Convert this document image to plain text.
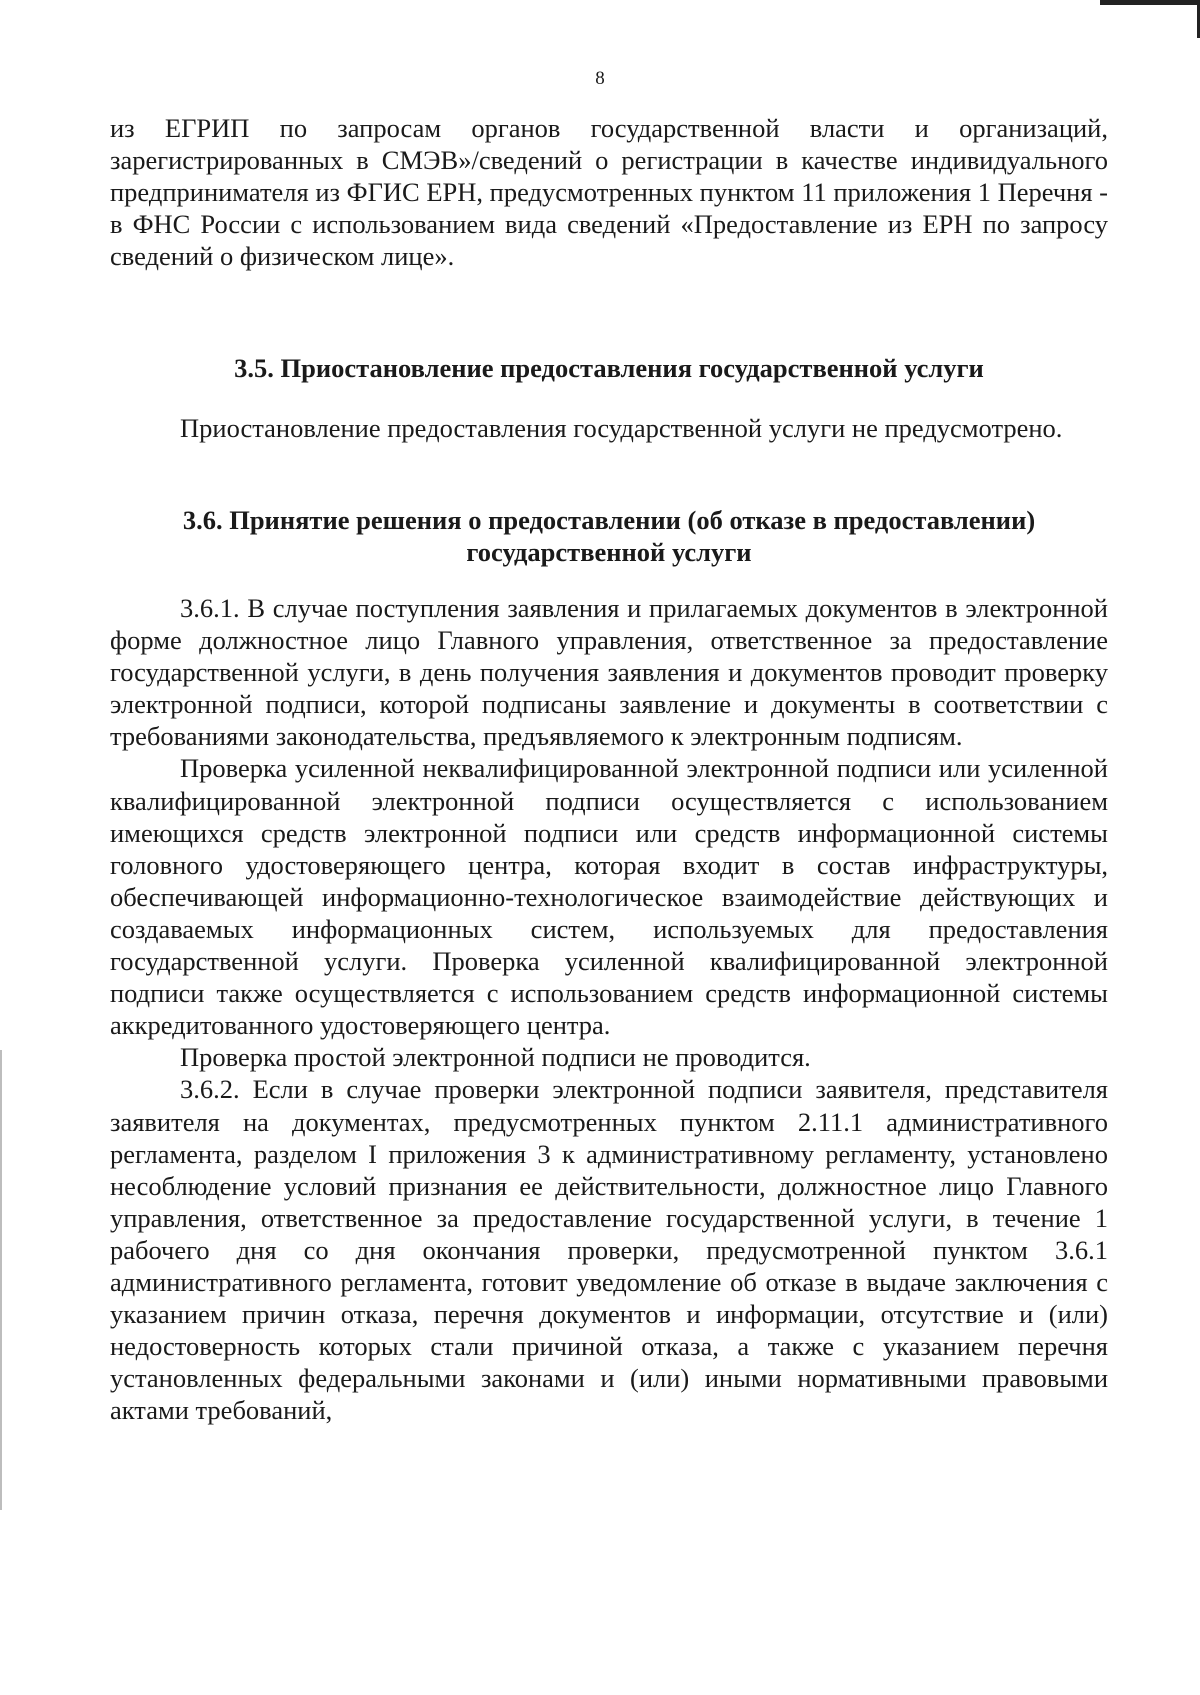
8

из ЕГРИП по запросам органов государственной власти и организаций, зарегистрированных в СМЭВ»/сведений о регистрации в качестве индивидуального предпринимателя из ФГИС ЕРН, предусмотренных пунктом 11 приложения 1 Перечня - в ФНС России с использованием вида сведений «Предоставление из ЕРН по запросу сведений о физическом лице».

3.5. Приостановление предоставления государственной услуги

Приостановление предоставления государственной услуги не предусмотрено.

3.6. Принятие решения о предоставлении (об отказе в предоставлении)
государственной услуги

3.6.1. В случае поступления заявления и прилагаемых документов в электронной форме должностное лицо Главного управления, ответственное за предоставление государственной услуги, в день получения заявления и документов проводит проверку электронной подписи, которой подписаны заявление и документы в соответствии с требованиями законодательства, предъявляемого к электронным подписям.

Проверка усиленной неквалифицированной электронной подписи или усиленной квалифицированной электронной подписи осуществляется с использованием имеющихся средств электронной подписи или средств информационной системы головного удостоверяющего центра, которая входит в состав инфраструктуры, обеспечивающей информационно-технологическое взаимодействие действующих и создаваемых информационных систем, используемых для предоставления государственной услуги. Проверка усиленной квалифицированной электронной подписи также осуществляется с использованием средств информационной системы аккредитованного удостоверяющего центра.

Проверка простой электронной подписи не проводится.

3.6.2. Если в случае проверки электронной подписи заявителя, представителя заявителя на документах, предусмотренных пунктом 2.11.1 административного регламента, разделом I приложения 3 к административному регламенту, установлено несоблюдение условий признания ее действительности, должностное лицо Главного управления, ответственное за предоставление государственной услуги, в течение 1 рабочего дня со дня окончания проверки, предусмотренной пунктом 3.6.1 административного регламента, готовит уведомление об отказе в выдаче заключения с указанием причин отказа, перечня документов и информации, отсутствие и (или) недостоверность которых стали причиной отказа, а также с указанием перечня установленных федеральными законами и (или) иными нормативными правовыми актами требований,
